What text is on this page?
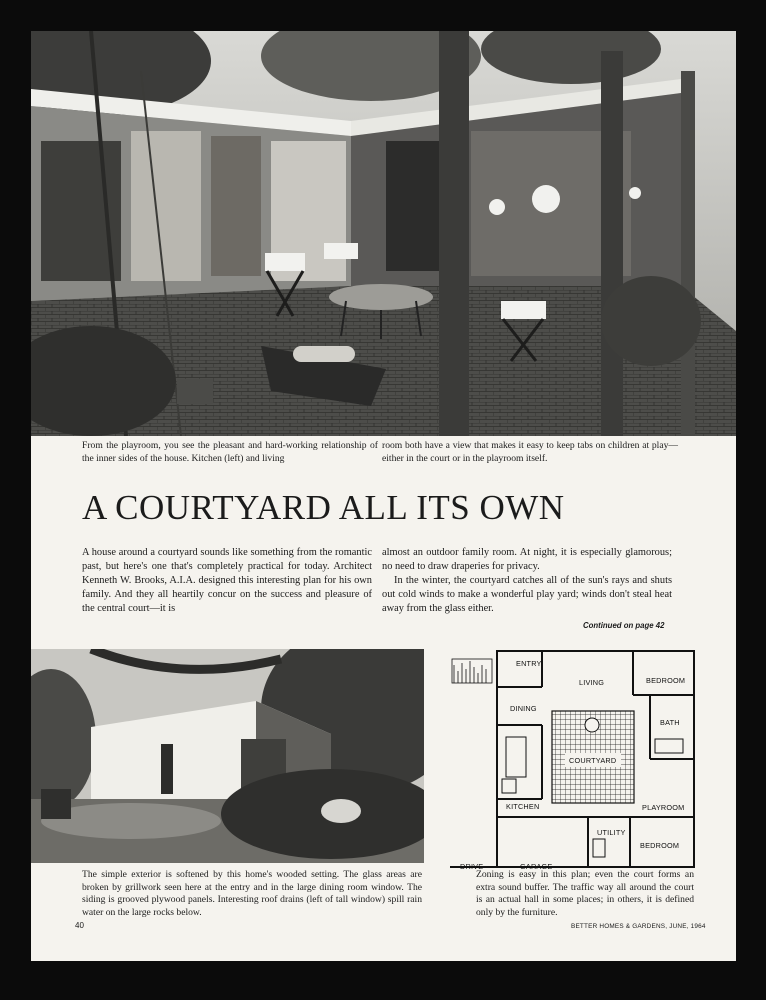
From the playroom, you see the pleasant and hard-working relationship of the inner sides of the house. Kitchen (left) and living
room both have a view that makes it easy to keep tabs on children at play—either in the court or in the playroom itself.
A COURTYARD ALL ITS OWN

A house around a courtyard sounds like something from the romantic past, but here's one that's completely practical for today. Architect Kenneth W. Brooks, A.I.A. designed this interesting plan for his own family. And they all heartily concur on the success and pleasure of the central court—it is

almost an outdoor family room. At night, it is especially glamorous; no need to draw draperies for privacy.

In the winter, the courtyard catches all of the sun's rays and shuts out cold winds to make a wonderful play yard; winds don't steal heat away from the glass either.

Continued on page 42
ENTRY
LIVING	BEDROOM
DINING
BATH
COURTYARD
KITCHEN	PLAYROOM
UTILITY
BEDROOM
DRIVE	GARAGE
The simple exterior is softened by this home's wooded setting. The glass areas are broken by grillwork seen here at the entry and in the large dining room window. The siding is grooved plywood panels. Interesting roof drains (left of tall window) spill rain water on the large rocks below.
Zoning is easy in this plan; even the court forms an extra sound buffer. The traffic way all around the court is an actual hall in some places; in others, it is defined only by the furniture.
40	BETTER HOMES & GARDENS, JUNE, 1964
